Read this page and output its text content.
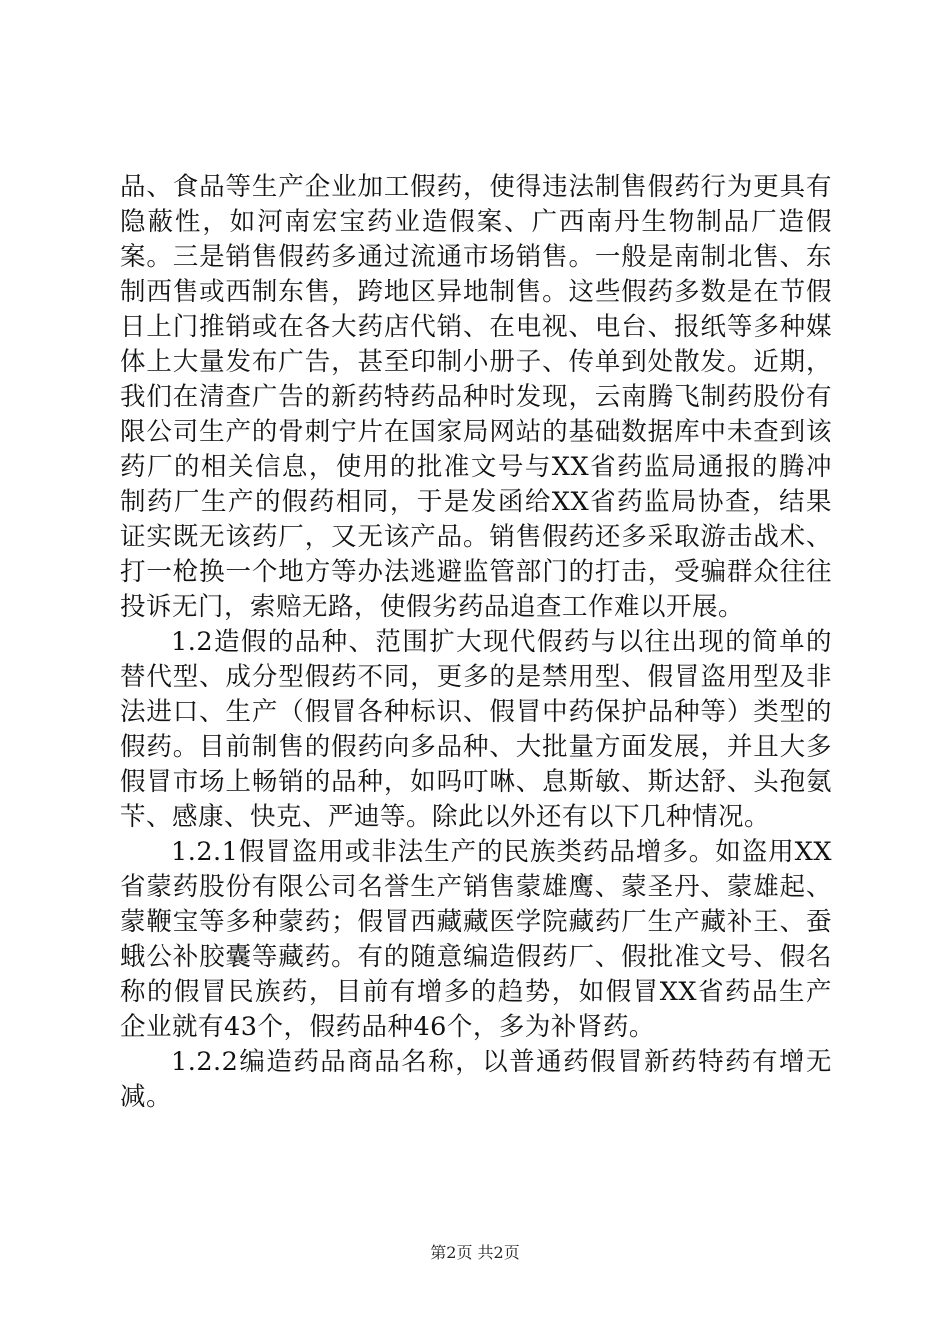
品、食品等生产企业加工假药，使得违法制售假药行为更具有隐蔽性，如河南宏宝药业造假案、广西南丹生物制品厂造假案。三是销售假药多通过流通市场销售。一般是南制北售、东制西售或西制东售，跨地区异地制售。这些假药多数是在节假日上门推销或在各大药店代销、在电视、电台、报纸等多种媒体上大量发布广告，甚至印制小册子、传单到处散发。近期，我们在清查广告的新药特药品种时发现，云南腾飞制药股份有限公司生产的骨刺宁片在国家局网站的基础数据库中未查到该药厂的相关信息，使用的批准文号与XX省药监局通报的腾冲制药厂生产的假药相同，于是发函给XX省药监局协查，结果证实既无该药厂，又无该产品。销售假药还多采取游击战术、打一枪换一个地方等办法逃避监管部门的打击，受骗群众往往投诉无门，索赔无路，使假劣药品追查工作难以开展。

1.2造假的品种、范围扩大现代假药与以往出现的简单的替代型、成分型假药不同，更多的是禁用型、假冒盗用型及非法进口、生产（假冒各种标识、假冒中药保护品种等）类型的假药。目前制售的假药向多品种、大批量方面发展，并且大多假冒市场上畅销的品种，如吗叮啉、息斯敏、斯达舒、头孢氨苄、感康、快克、严迪等。除此以外还有以下几种情况。

1.2.1假冒盗用或非法生产的民族类药品增多。如盗用XX省蒙药股份有限公司名誉生产销售蒙雄鹰、蒙圣丹、蒙雄起、蒙鞭宝等多种蒙药；假冒西藏藏医学院藏药厂生产藏补王、蚕蛾公补胶囊等藏药。有的随意编造假药厂、假批准文号、假名称的假冒民族药，目前有增多的趋势，如假冒XX省药品生产企业就有43个，假药品种46个，多为补肾药。

1.2.2编造药品商品名称，以普通药假冒新药特药有增无减。

第2页 共2页
